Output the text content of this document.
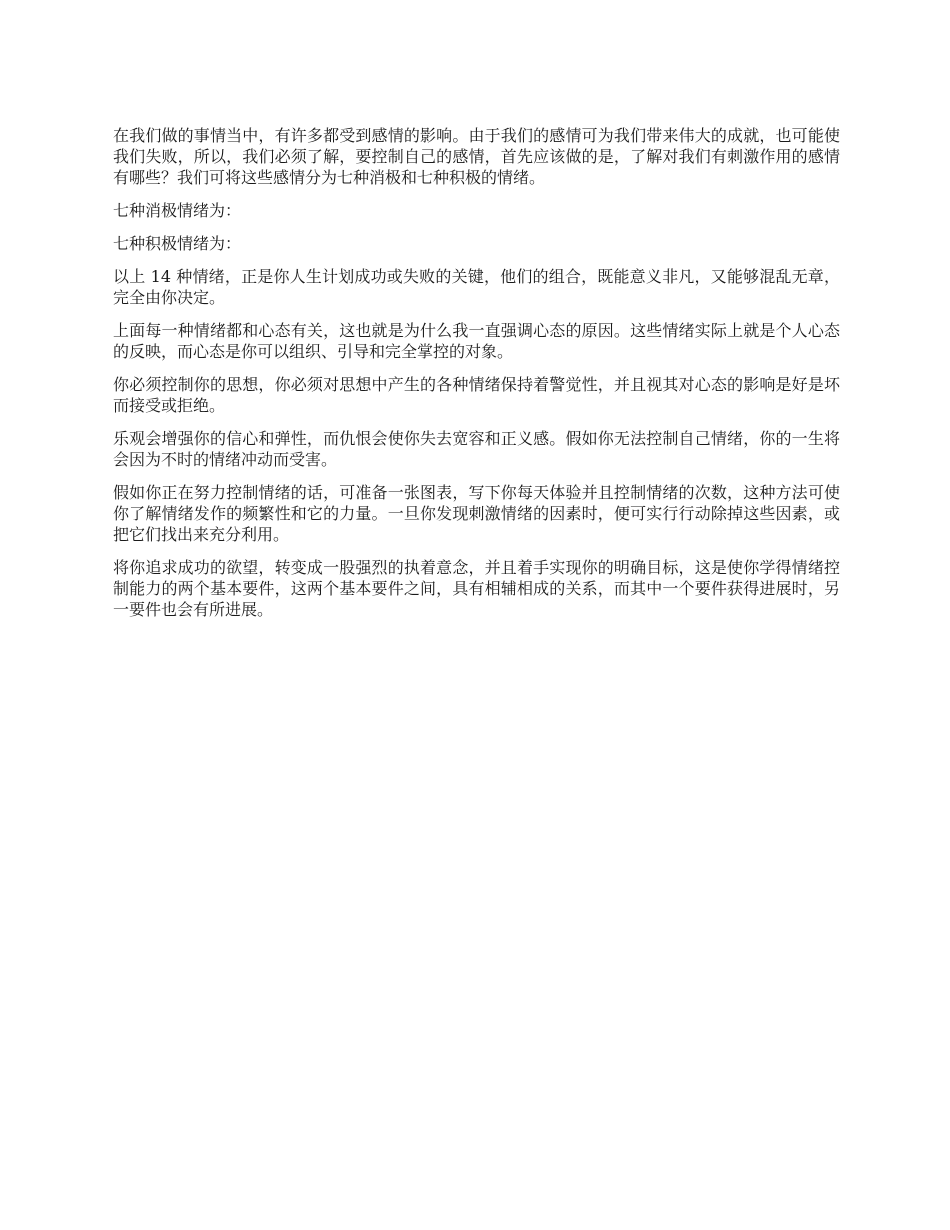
在我们做的事情当中，有许多都受到感情的影响。由于我们的感情可为我们带来伟大的成就，也可能使我们失败，所以，我们必须了解，要控制自己的感情，首先应该做的是，了解对我们有刺激作用的感情有哪些？我们可将这些感情分为七种消极和七种积极的情绪。

七种消极情绪为：

七种积极情绪为：

以上 14 种情绪，正是你人生计划成功或失败的关键，他们的组合，既能意义非凡，又能够混乱无章，完全由你决定。

上面每一种情绪都和心态有关，这也就是为什么我一直强调心态的原因。这些情绪实际上就是个人心态的反映，而心态是你可以组织、引导和完全掌控的对象。

你必须控制你的思想，你必须对思想中产生的各种情绪保持着警觉性，并且视其对心态的影响是好是坏而接受或拒绝。

乐观会增强你的信心和弹性，而仇恨会使你失去宽容和正义感。假如你无法控制自己情绪，你的一生将会因为不时的情绪冲动而受害。

假如你正在努力控制情绪的话，可准备一张图表，写下你每天体验并且控制情绪的次数，这种方法可使你了解情绪发作的频繁性和它的力量。一旦你发现刺激情绪的因素时，便可实行行动除掉这些因素，或把它们找出来充分利用。

将你追求成功的欲望，转变成一股强烈的执着意念，并且着手实现你的明确目标，这是使你学得情绪控制能力的两个基本要件，这两个基本要件之间，具有相辅相成的关系，而其中一个要件获得进展时，另一要件也会有所进展。
